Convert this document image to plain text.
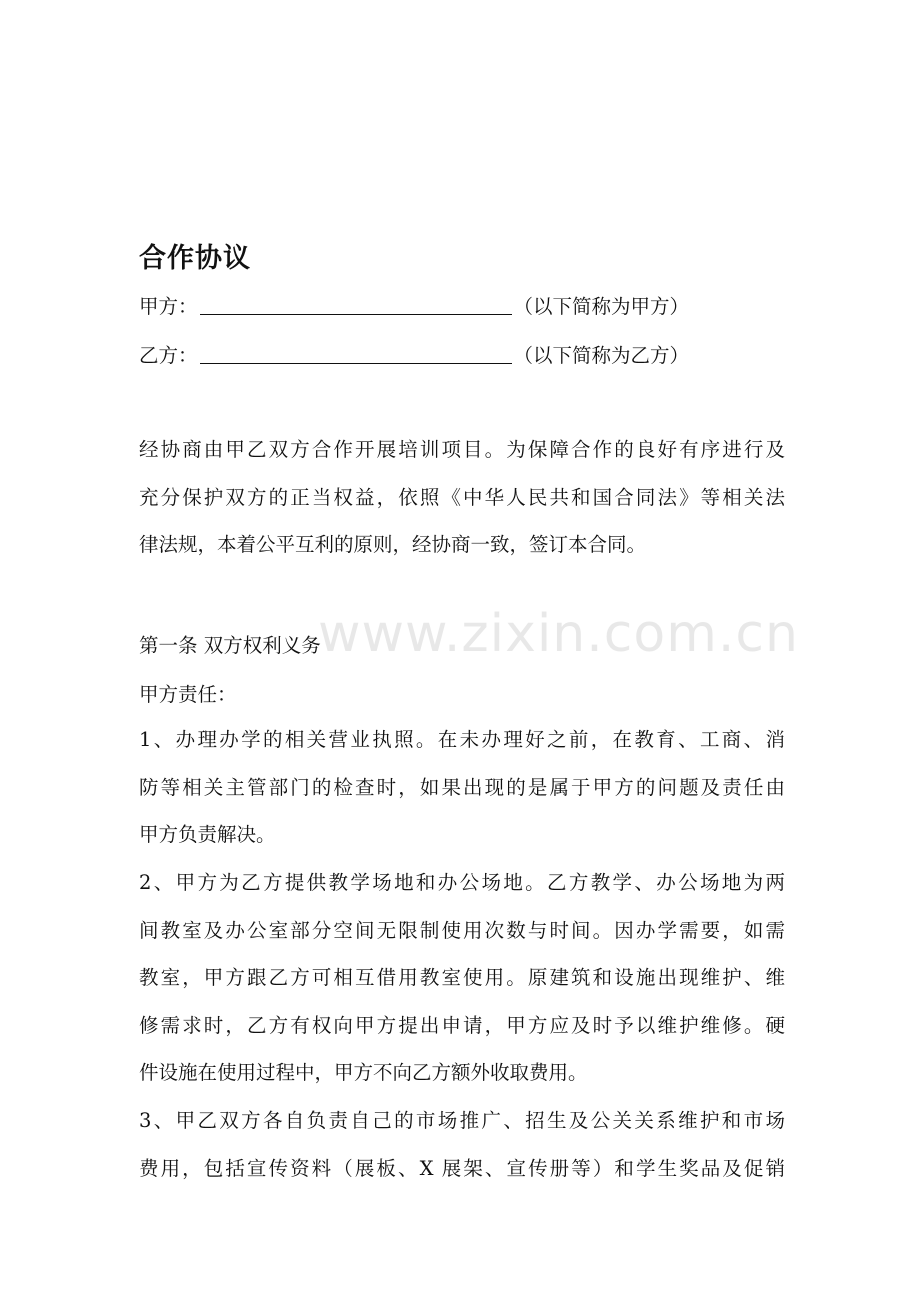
www.zixin.com.cn
合作协议
甲方：	（以下简称为甲方）
乙方：	（以下简称为乙方）
经协商由甲乙双方合作开展培训项目。为保障合作的良好有序进行及
充分保护双方的正当权益，依照《中华人民共和国合同法》等相关法
律法规，本着公平互利的原则，经协商一致，签订本合同。
第一条 双方权利义务
甲方责任：
1、办理办学的相关营业执照。在未办理好之前，在教育、工商、消
防等相关主管部门的检查时，如果出现的是属于甲方的问题及责任由
甲方负责解决。
2、甲方为乙方提供教学场地和办公场地。乙方教学、办公场地为两
间教室及办公室部分空间无限制使用次数与时间。因办学需要，如需
教室，甲方跟乙方可相互借用教室使用。原建筑和设施出现维护、维
修需求时，乙方有权向甲方提出申请，甲方应及时予以维护维修。硬
件设施在使用过程中，甲方不向乙方额外收取费用。
3、甲乙双方各自负责自己的市场推广、招生及公关关系维护和市场
费用，包括宣传资料（展板、X 展架、宣传册等）和学生奖品及促销
